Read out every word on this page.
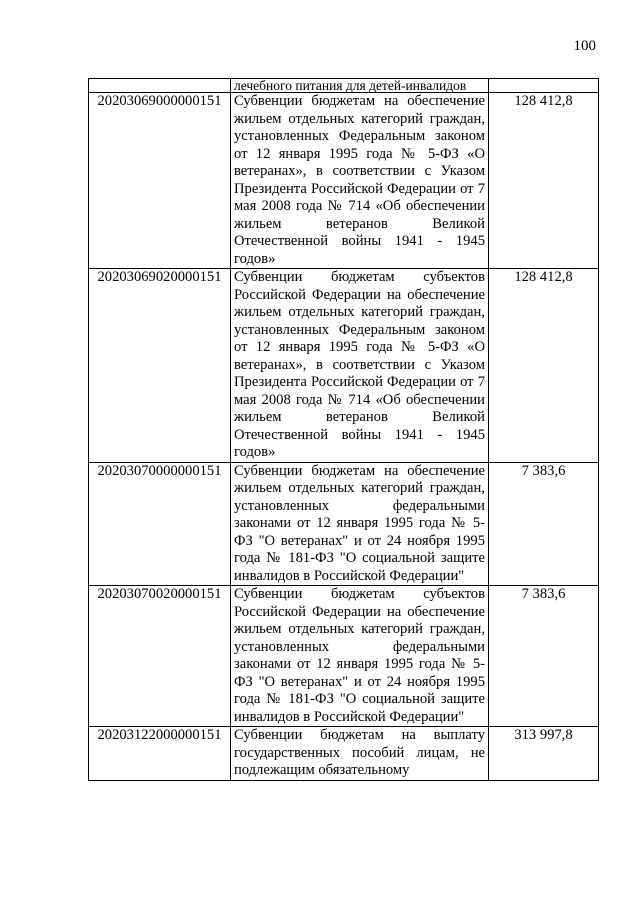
100
	лечебного питания для детей-инвалидов	
20203069000000151	Субвенции бюджетам на обеспечение жильем отдельных категорий граждан, установленных Федеральным законом от 12 января 1995 года № 5-ФЗ «О ветеранах», в соответствии с Указом Президента Российской Федерации от 7 мая 2008 года № 714 «Об обеспечении жильем ветеранов Великой Отечественной войны 1941 - 1945 годов»	128 412,8
20203069020000151	Субвенции бюджетам субъектов Российской Федерации на обеспечение жильем отдельных категорий граждан, установленных Федеральным законом от 12 января 1995 года № 5-ФЗ «О ветеранах», в соответствии с Указом Президента Российской Федерации от 7 мая 2008 года № 714 «Об обеспечении жильем ветеранов Великой Отечественной войны 1941 - 1945 годов»	128 412,8
20203070000000151	Субвенции бюджетам на обеспечение жильем отдельных категорий граждан, установленных федеральными законами от 12 января 1995 года № 5-ФЗ "О ветеранах" и от 24 ноября 1995 года № 181-ФЗ "О социальной защите инвалидов в Российской Федерации"	7 383,6
20203070020000151	Субвенции бюджетам субъектов Российской Федерации на обеспечение жильем отдельных категорий граждан, установленных федеральными законами от 12 января 1995 года № 5-ФЗ "О ветеранах" и от 24 ноября 1995 года № 181-ФЗ "О социальной защите инвалидов в Российской Федерации"	7 383,6
20203122000000151	Субвенции бюджетам на выплату государственных пособий лицам, не подлежащим обязательному	313 997,8
